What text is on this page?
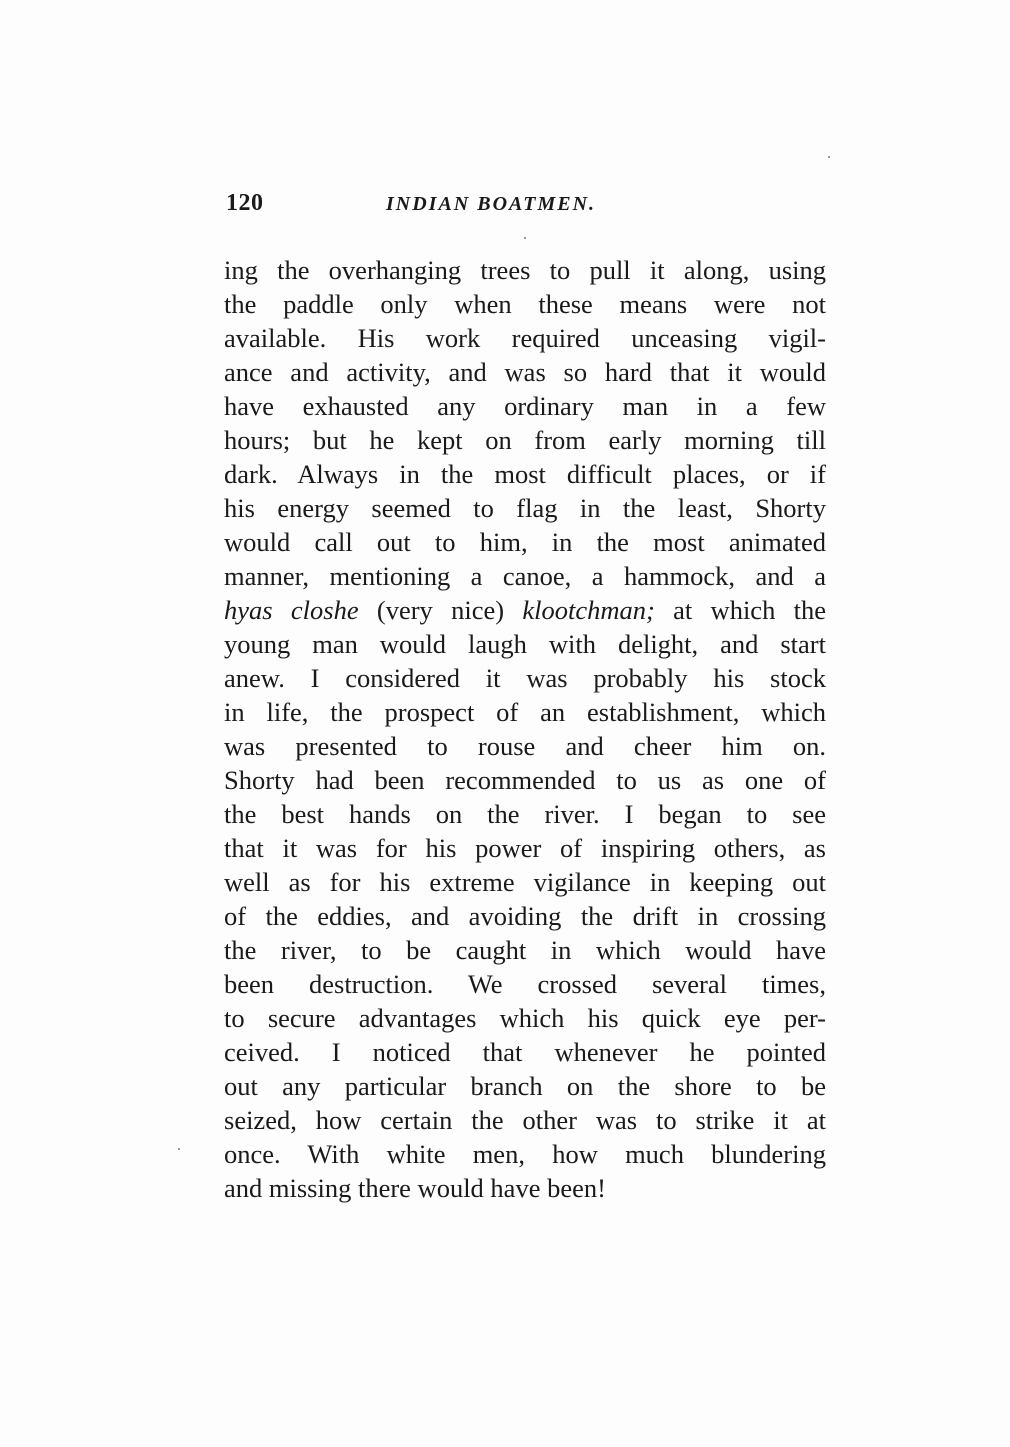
120	INDIAN BOATMEN.
ing the overhanging trees to pull it along, using
the paddle only when these means were not
available. His work required unceasing vigil-
ance and activity, and was so hard that it would
have exhausted any ordinary man in a few
hours; but he kept on from early morning till
dark. Always in the most difficult places, or if
his energy seemed to flag in the least, Shorty
would call out to him, in the most animated
manner, mentioning a canoe, a hammock, and a
hyas closhe (very nice) klootchman; at which the
young man would laugh with delight, and start
anew. I considered it was probably his stock
in life, the prospect of an establishment, which
was presented to rouse and cheer him on.
Shorty had been recommended to us as one of
the best hands on the river. I began to see
that it was for his power of inspiring others, as
well as for his extreme vigilance in keeping out
of the eddies, and avoiding the drift in crossing
the river, to be caught in which would have
been destruction. We crossed several times,
to secure advantages which his quick eye per-
ceived. I noticed that whenever he pointed
out any particular branch on the shore to be
seized, how certain the other was to strike it at
once. With white men, how much blundering
and missing there would have been!
